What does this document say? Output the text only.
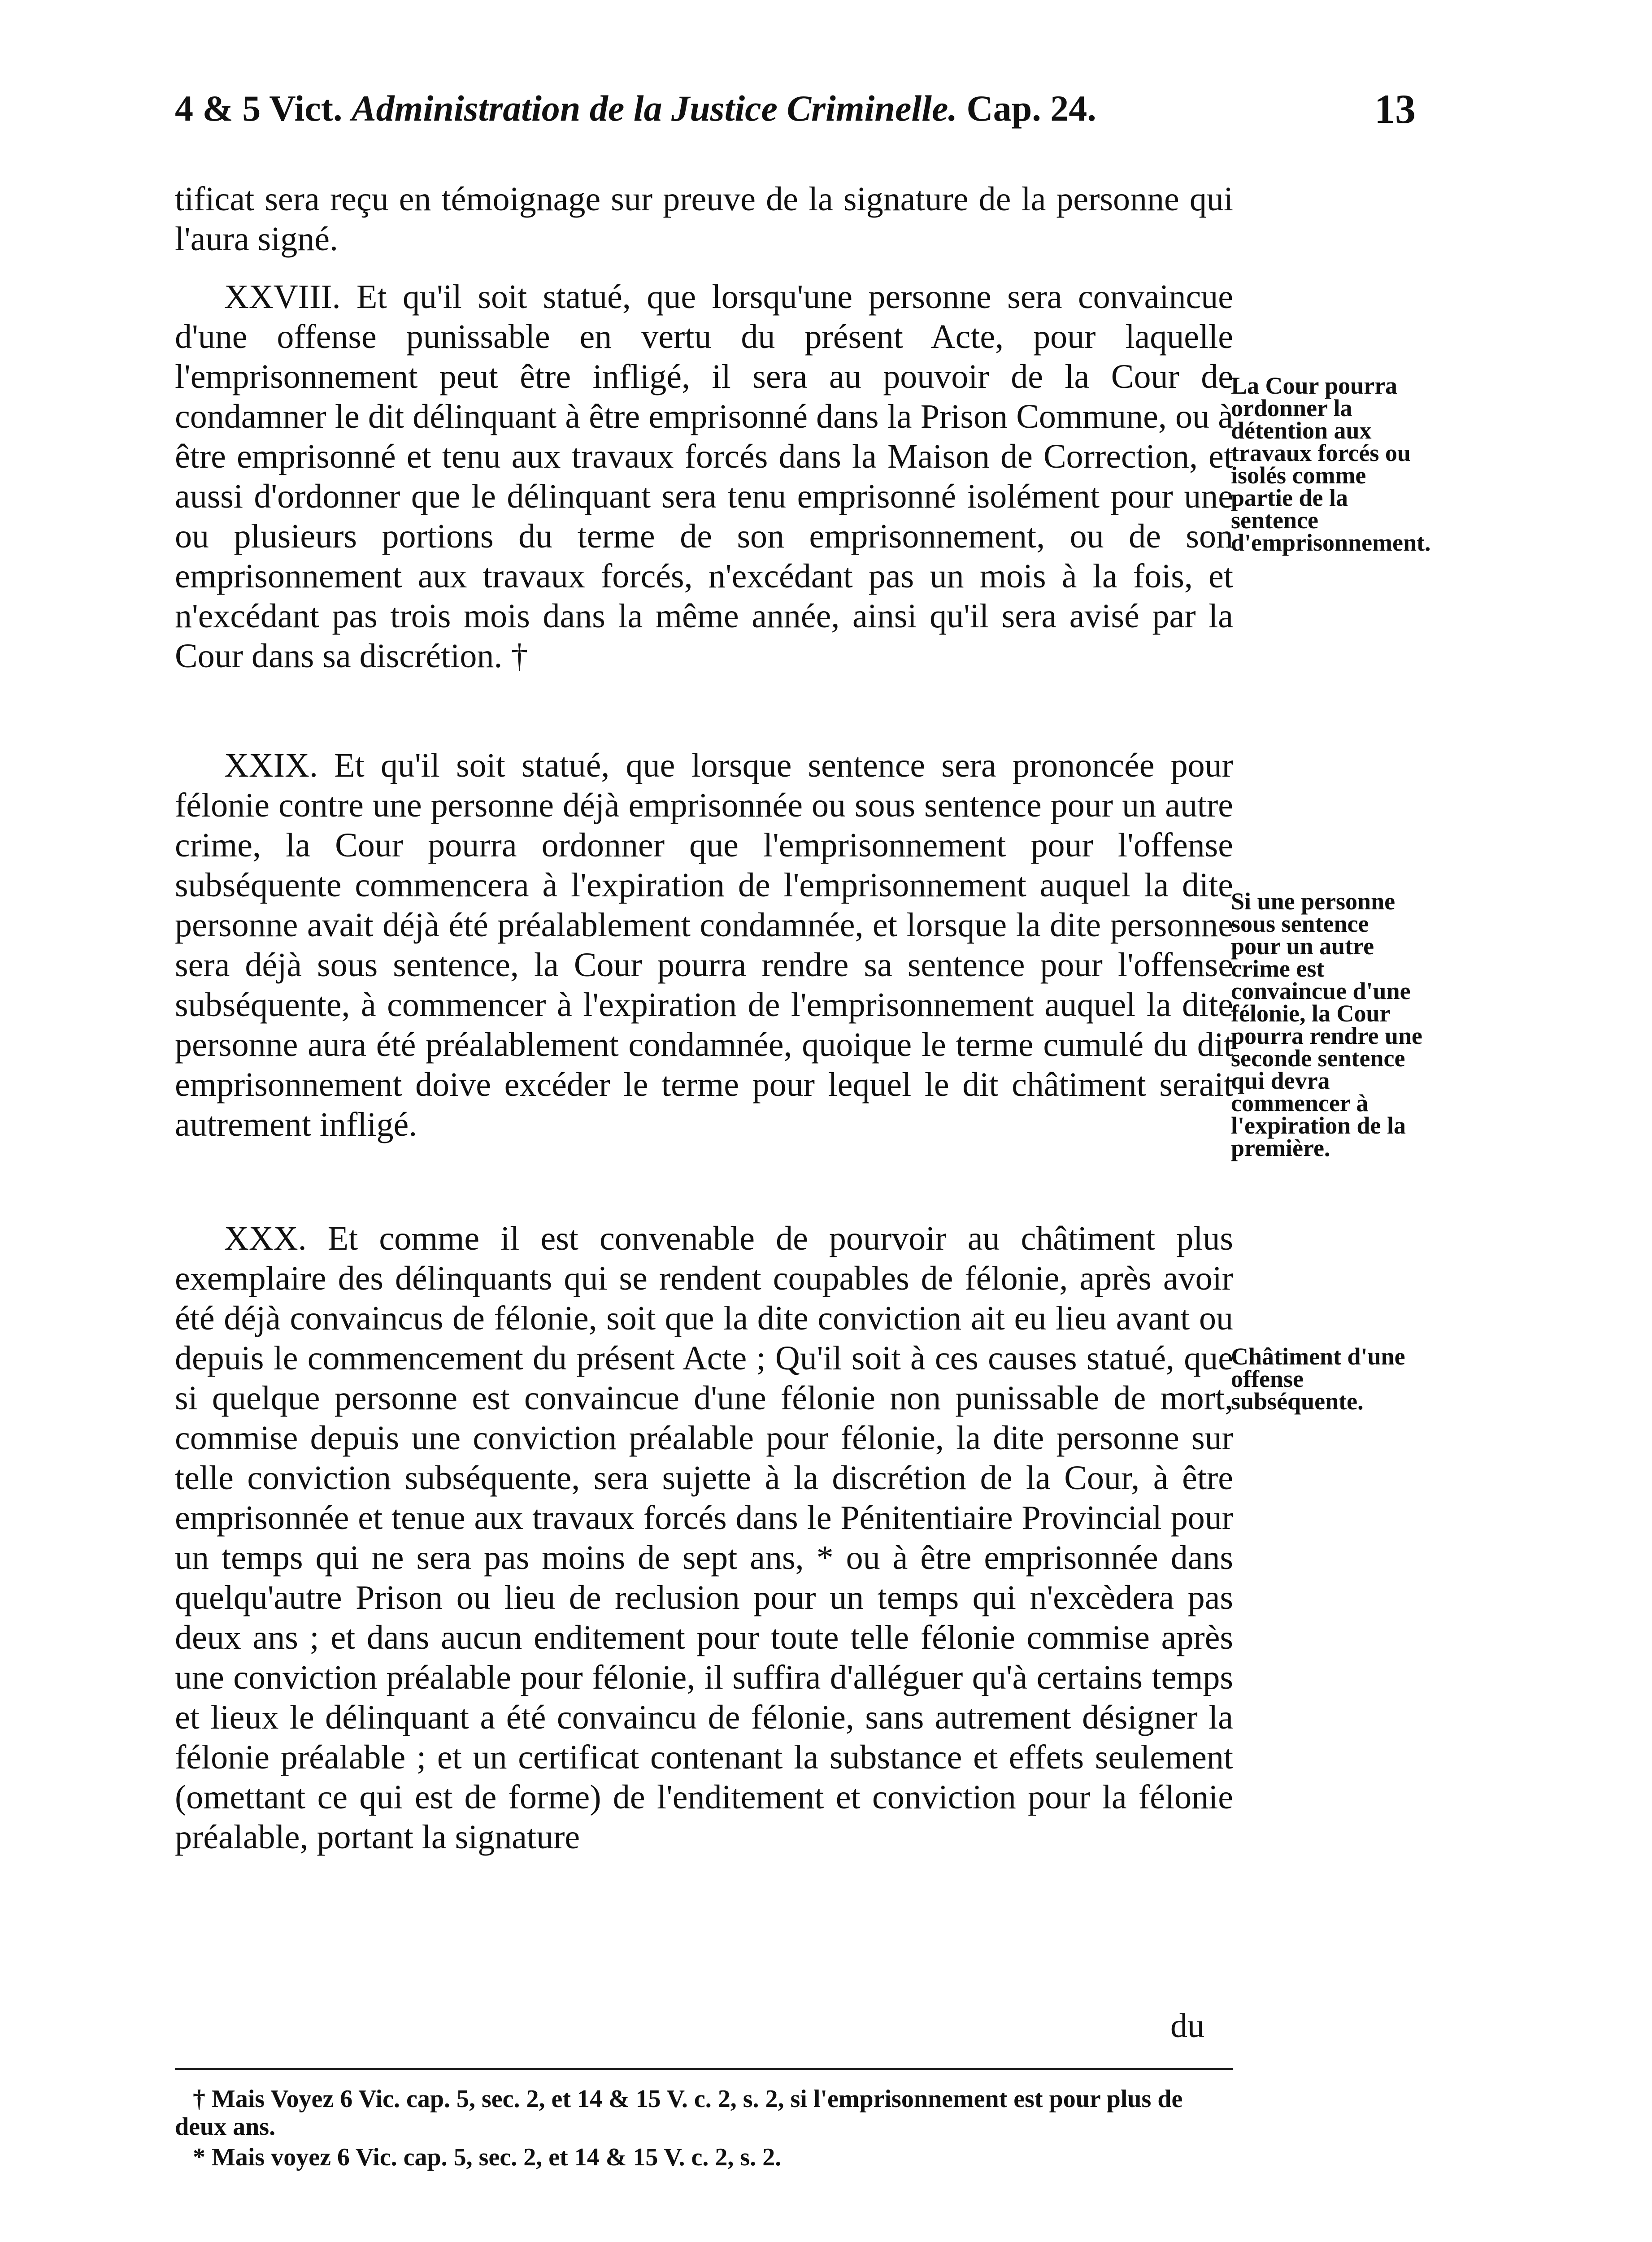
4 & 5 Vict. Administration de la Justice Criminelle. Cap. 24.	13

tificat sera reçu en témoignage sur preuve de la signature de la personne qui l'aura signé.

XXVIII. Et qu'il soit statué, que lorsqu'une personne sera convaincue d'une offense punissable en vertu du présent Acte, pour laquelle l'emprisonnement peut être infligé, il sera au pouvoir de la Cour de condamner le dit délinquant à être emprisonné dans la Prison Commune, ou à être emprisonné et tenu aux travaux forcés dans la Maison de Correction, et aussi d'ordonner que le délinquant sera tenu emprisonné isolément pour une ou plusieurs portions du terme de son emprisonnement, ou de son emprisonnement aux travaux forcés, n'excédant pas un mois à la fois, et n'excédant pas trois mois dans la même année, ainsi qu'il sera avisé par la Cour dans sa discrétion. †

XXIX. Et qu'il soit statué, que lorsque sentence sera prononcée pour félonie contre une personne déjà emprisonnée ou sous sentence pour un autre crime, la Cour pourra ordonner que l'emprisonnement pour l'offense subséquente commencera à l'expiration de l'emprisonnement auquel la dite personne avait déjà été préalablement condamnée, et lorsque la dite personne sera déjà sous sentence, la Cour pourra rendre sa sentence pour l'offense subséquente, à commencer à l'expiration de l'emprisonnement auquel la dite personne aura été préalablement condamnée, quoique le terme cumulé du dit emprisonnement doive excéder le terme pour lequel le dit châtiment serait autrement infligé.

XXX. Et comme il est convenable de pourvoir au châtiment plus exemplaire des délinquants qui se rendent coupables de félonie, après avoir été déjà convaincus de félonie, soit que la dite conviction ait eu lieu avant ou depuis le commencement du présent Acte ; Qu'il soit à ces causes statué, que si quelque personne est convaincue d'une félonie non punissable de mort, commise depuis une conviction préalable pour félonie, la dite personne sur telle conviction subséquente, sera sujette à la discrétion de la Cour, à être emprisonnée et tenue aux travaux forcés dans le Pénitentiaire Provincial pour un temps qui ne sera pas moins de sept ans, * ou à être emprisonnée dans quelqu'autre Prison ou lieu de reclusion pour un temps qui n'excèdera pas deux ans ; et dans aucun enditement pour toute telle félonie commise après une conviction préalable pour félonie, il suffira d'alléguer qu'à certains temps et lieux le délinquant a été convaincu de félonie, sans autrement désigner la félonie préalable ; et un certificat contenant la substance et effets seulement (omettant ce qui est de forme) de l'enditement et conviction pour la félonie préalable, portant la signature

du
La Cour pourra ordonner la détention aux travaux forcés ou isolés comme partie de la sentence d'emprisonnement.
Si une personne sous sentence pour un autre crime est convaincue d'une félonie, la Cour pourra rendre une seconde sentence qui devra commencer à l'expiration de la première.
Châtiment d'une offense subséquente.

† Mais Voyez 6 Vic. cap. 5, sec. 2, et 14 & 15 V. c. 2, s. 2, si l'emprisonnement est pour plus de deux ans.

* Mais voyez 6 Vic. cap. 5, sec. 2, et 14 & 15 V. c. 2, s. 2.
